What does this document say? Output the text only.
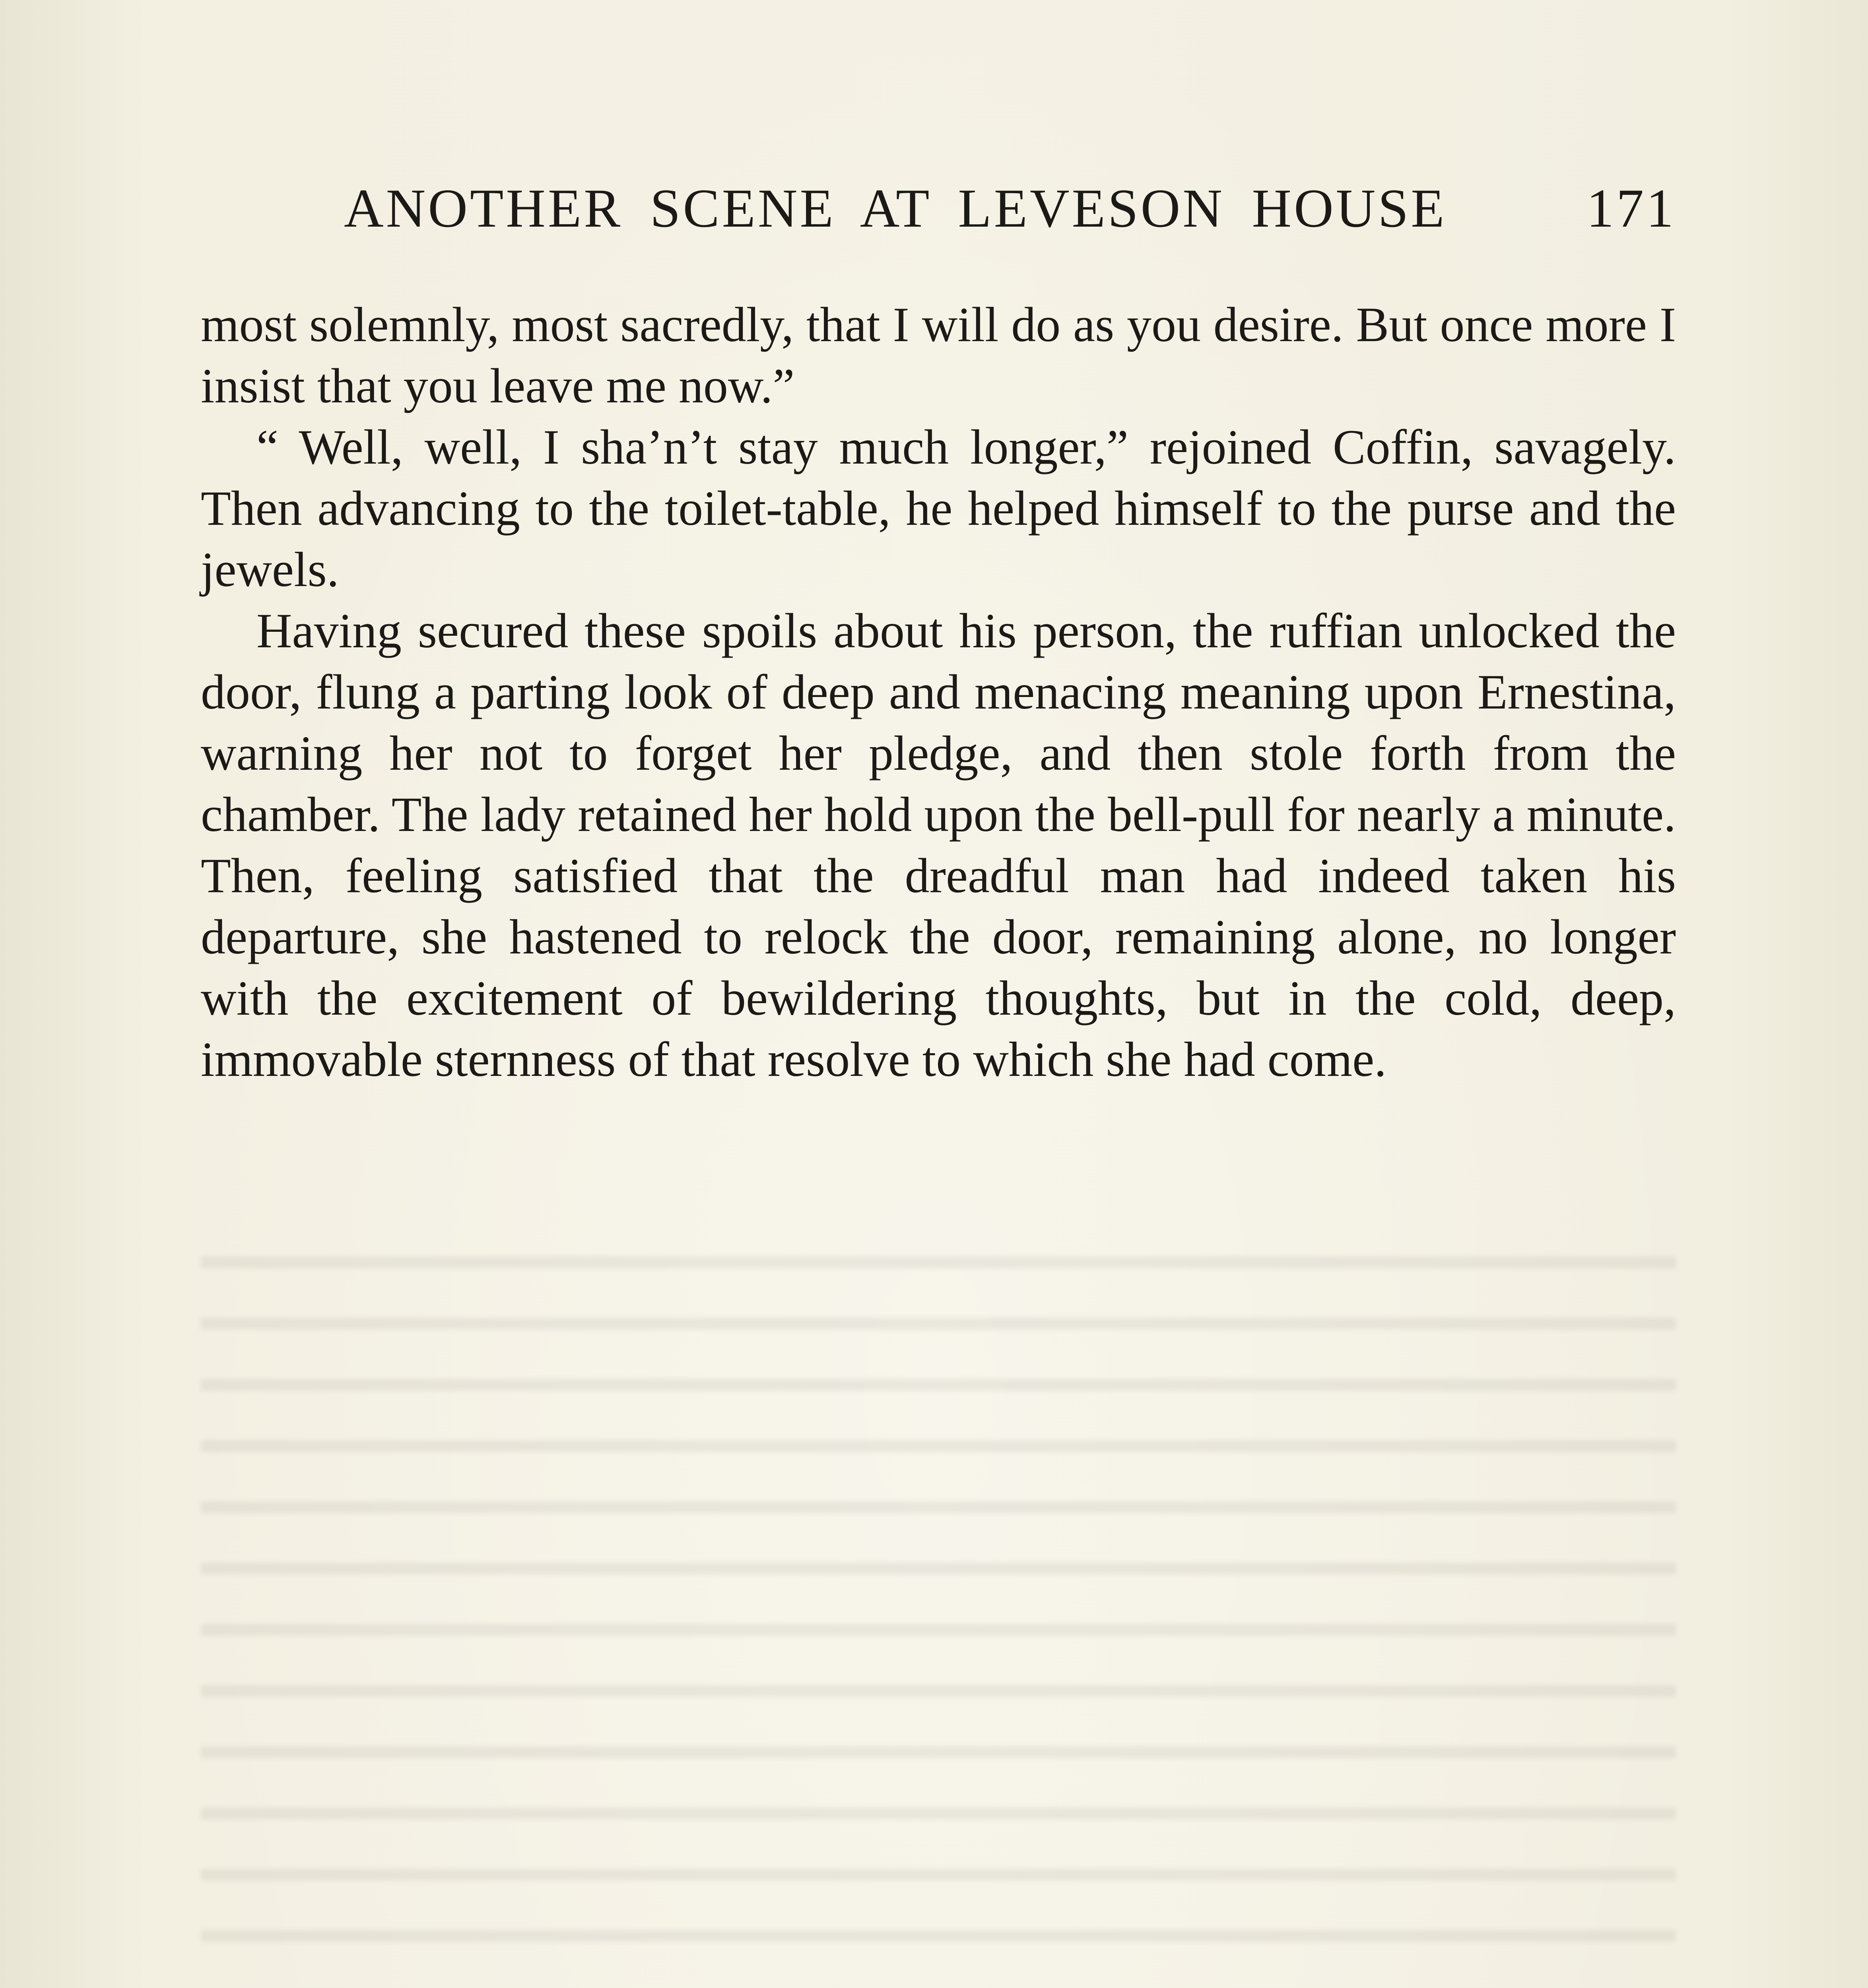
ANOTHER SCENE AT LEVESON HOUSE	171

most solemnly, most sacredly, that I will do as you desire. But once more I insist that you leave me now.”

“ Well, well, I sha’n’t stay much longer,” rejoined Coffin, savagely. Then advancing to the toilet-table, he helped himself to the purse and the jewels.

Having secured these spoils about his person, the ruffian unlocked the door, flung a parting look of deep and menacing meaning upon Ernestina, warning her not to forget her pledge, and then stole forth from the chamber. The lady retained her hold upon the bell-pull for nearly a minute. Then, feeling satisfied that the dreadful man had indeed taken his departure, she hastened to relock the door, remaining alone, no longer with the excitement of bewildering thoughts, but in the cold, deep, immovable sternness of that resolve to which she had come.
